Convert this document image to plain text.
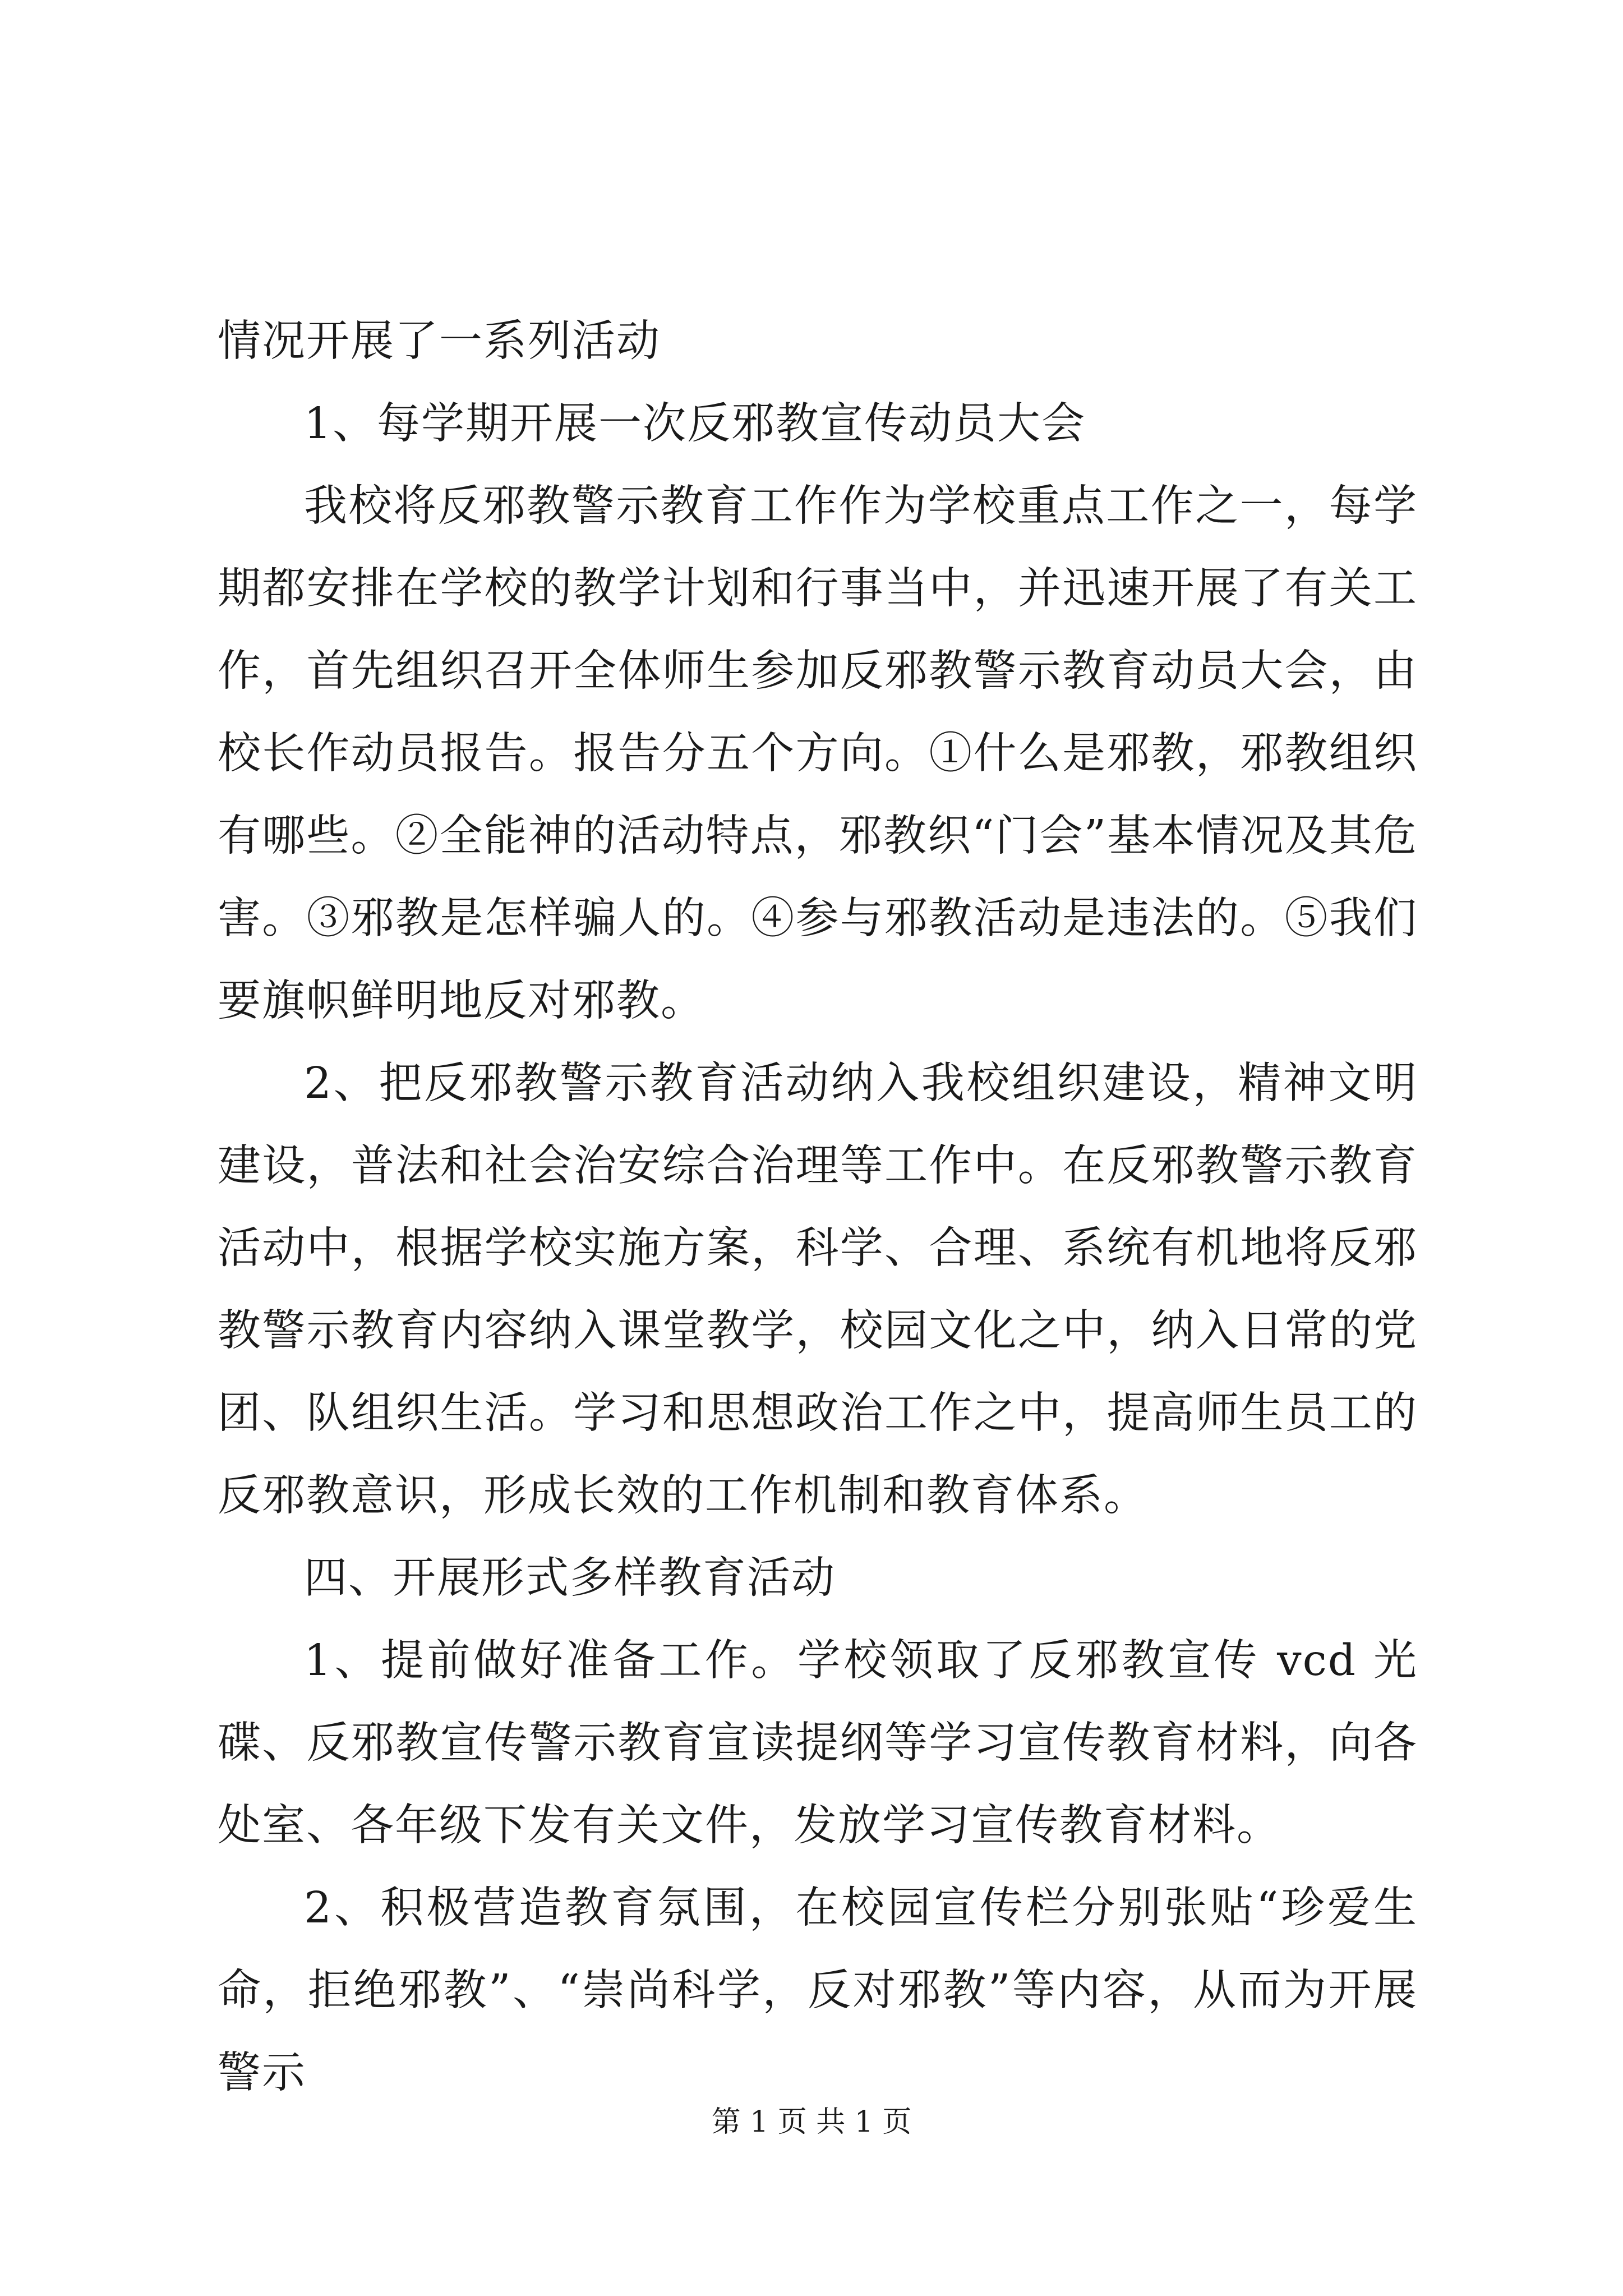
情况开展了一系列活动

1、每学期开展一次反邪教宣传动员大会

我校将反邪教警示教育工作作为学校重点工作之一，每学期都安排在学校的教学计划和行事当中，并迅速开展了有关工作，首先组织召开全体师生参加反邪教警示教育动员大会，由校长作动员报告。报告分五个方向。①什么是邪教，邪教组织有哪些。②全能神的活动特点，邪教织“门会”基本情况及其危害。③邪教是怎样骗人的。④参与邪教活动是违法的。⑤我们要旗帜鲜明地反对邪教。

2、把反邪教警示教育活动纳入我校组织建设，精神文明建设，普法和社会治安综合治理等工作中。在反邪教警示教育活动中，根据学校实施方案，科学、合理、系统有机地将反邪教警示教育内容纳入课堂教学，校园文化之中，纳入日常的党团、队组织生活。学习和思想政治工作之中，提高师生员工的反邪教意识，形成长效的工作机制和教育体系。

四、开展形式多样教育活动

1、提前做好准备工作。学校领取了反邪教宣传 vcd 光碟、反邪教宣传警示教育宣读提纲等学习宣传教育材料，向各处室、各年级下发有关文件，发放学习宣传教育材料。

2、积极营造教育氛围，在校园宣传栏分别张贴“珍爱生命，拒绝邪教”、“崇尚科学，反对邪教”等内容，从而为开展警示

第 1 页 共 1 页
